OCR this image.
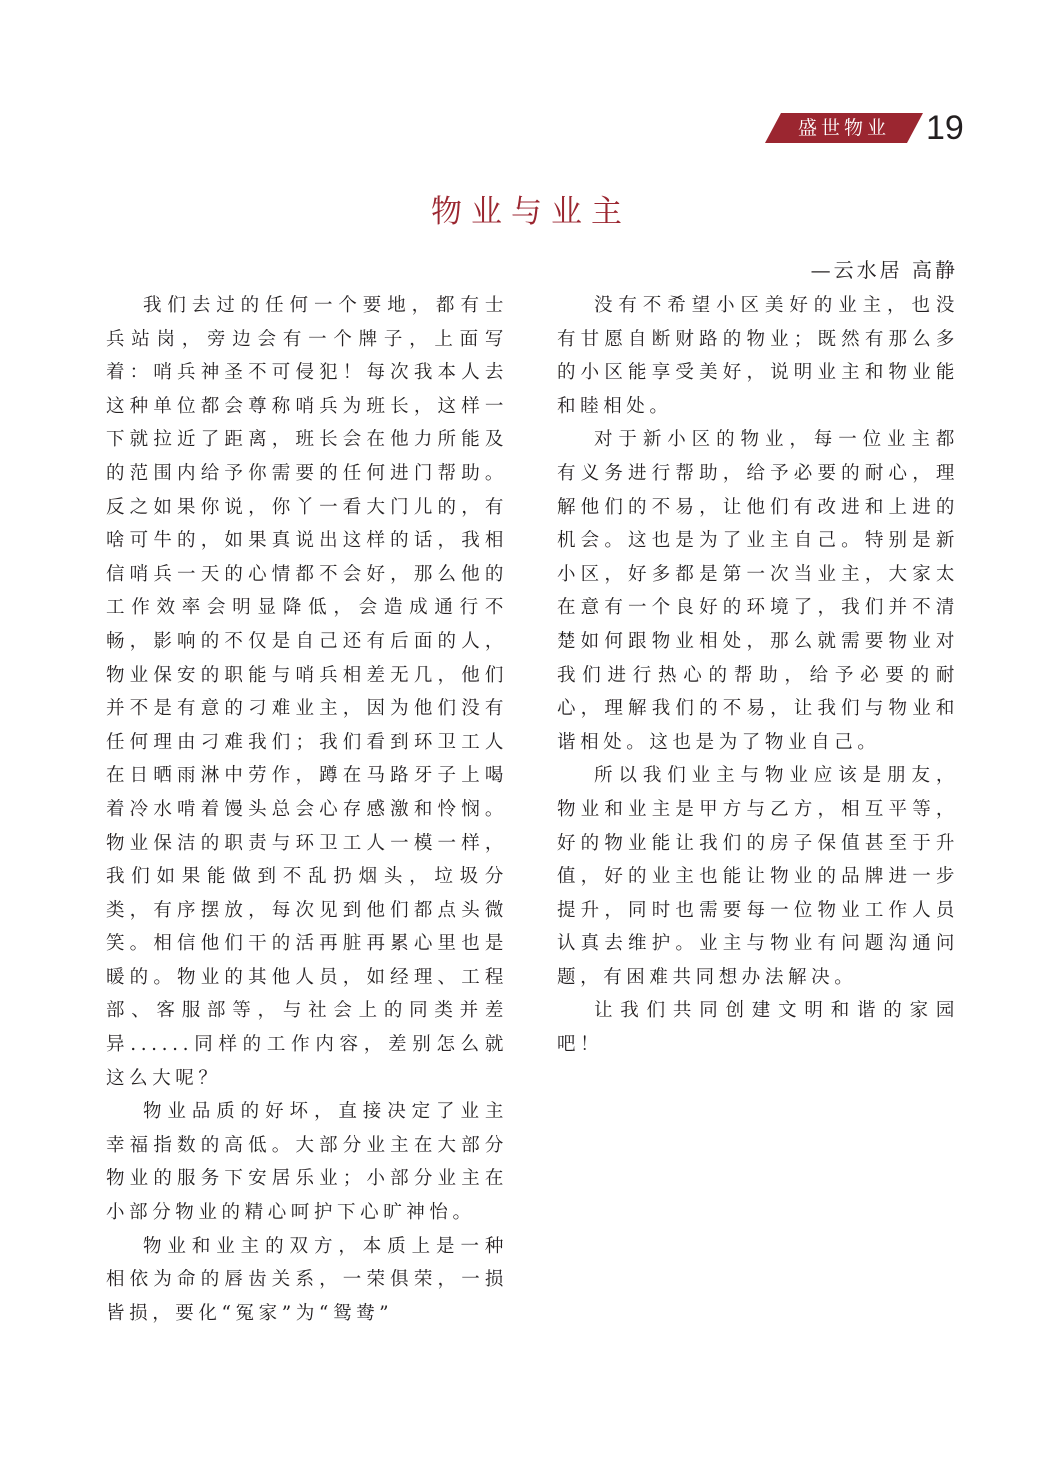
盛世物业	19
物业与业主
—云水居 高静

我们去过的任何一个要地，都有士兵站岗，旁边会有一个牌子，上面写着：哨兵神圣不可侵犯！每次我本人去这种单位都会尊称哨兵为班长，这样一下就拉近了距离，班长会在他力所能及的范围内给予你需要的任何进门帮助。反之如果你说，你丫一看大门儿的，有啥可牛的，如果真说出这样的话，我相信哨兵一天的心情都不会好，那么他的工作效率会明显降低，会造成通行不畅，影响的不仅是自己还有后面的人，物业保安的职能与哨兵相差无几，他们并不是有意的刁难业主，因为他们没有任何理由刁难我们；我们看到环卫工人在日晒雨淋中劳作，蹲在马路牙子上喝着冷水啃着馒头总会心存感激和怜悯。物业保洁的职责与环卫工人一模一样，我们如果能做到不乱扔烟头，垃圾分类，有序摆放，每次见到他们都点头微笑。相信他们干的活再脏再累心里也是暖的。物业的其他人员，如经理、工程部、客服部等，与社会上的同类并差异......同样的工作内容，差别怎么就这么大呢？

物业品质的好坏，直接决定了业主幸福指数的高低。大部分业主在大部分物业的服务下安居乐业；小部分业主在小部分物业的精心呵护下心旷神怡。

物业和业主的双方，本质上是一种相依为命的唇齿关系，一荣俱荣，一损皆损，要化“冤家”为“鸳鸯”

没有不希望小区美好的业主，也没有甘愿自断财路的物业；既然有那么多的小区能享受美好，说明业主和物业能和睦相处。

对于新小区的物业，每一位业主都有义务进行帮助，给予必要的耐心，理解他们的不易，让他们有改进和上进的机会。这也是为了业主自己。特别是新小区，好多都是第一次当业主，大家太在意有一个良好的环境了，我们并不清楚如何跟物业相处，那么就需要物业对我们进行热心的帮助，给予必要的耐心，理解我们的不易，让我们与物业和谐相处。这也是为了物业自己。

所以我们业主与物业应该是朋友，物业和业主是甲方与乙方，相互平等，好的物业能让我们的房子保值甚至于升值，好的业主也能让物业的品牌进一步提升，同时也需要每一位物业工作人员认真去维护。业主与物业有问题沟通问题，有困难共同想办法解决。

让我们共同创建文明和谐的家园吧！
